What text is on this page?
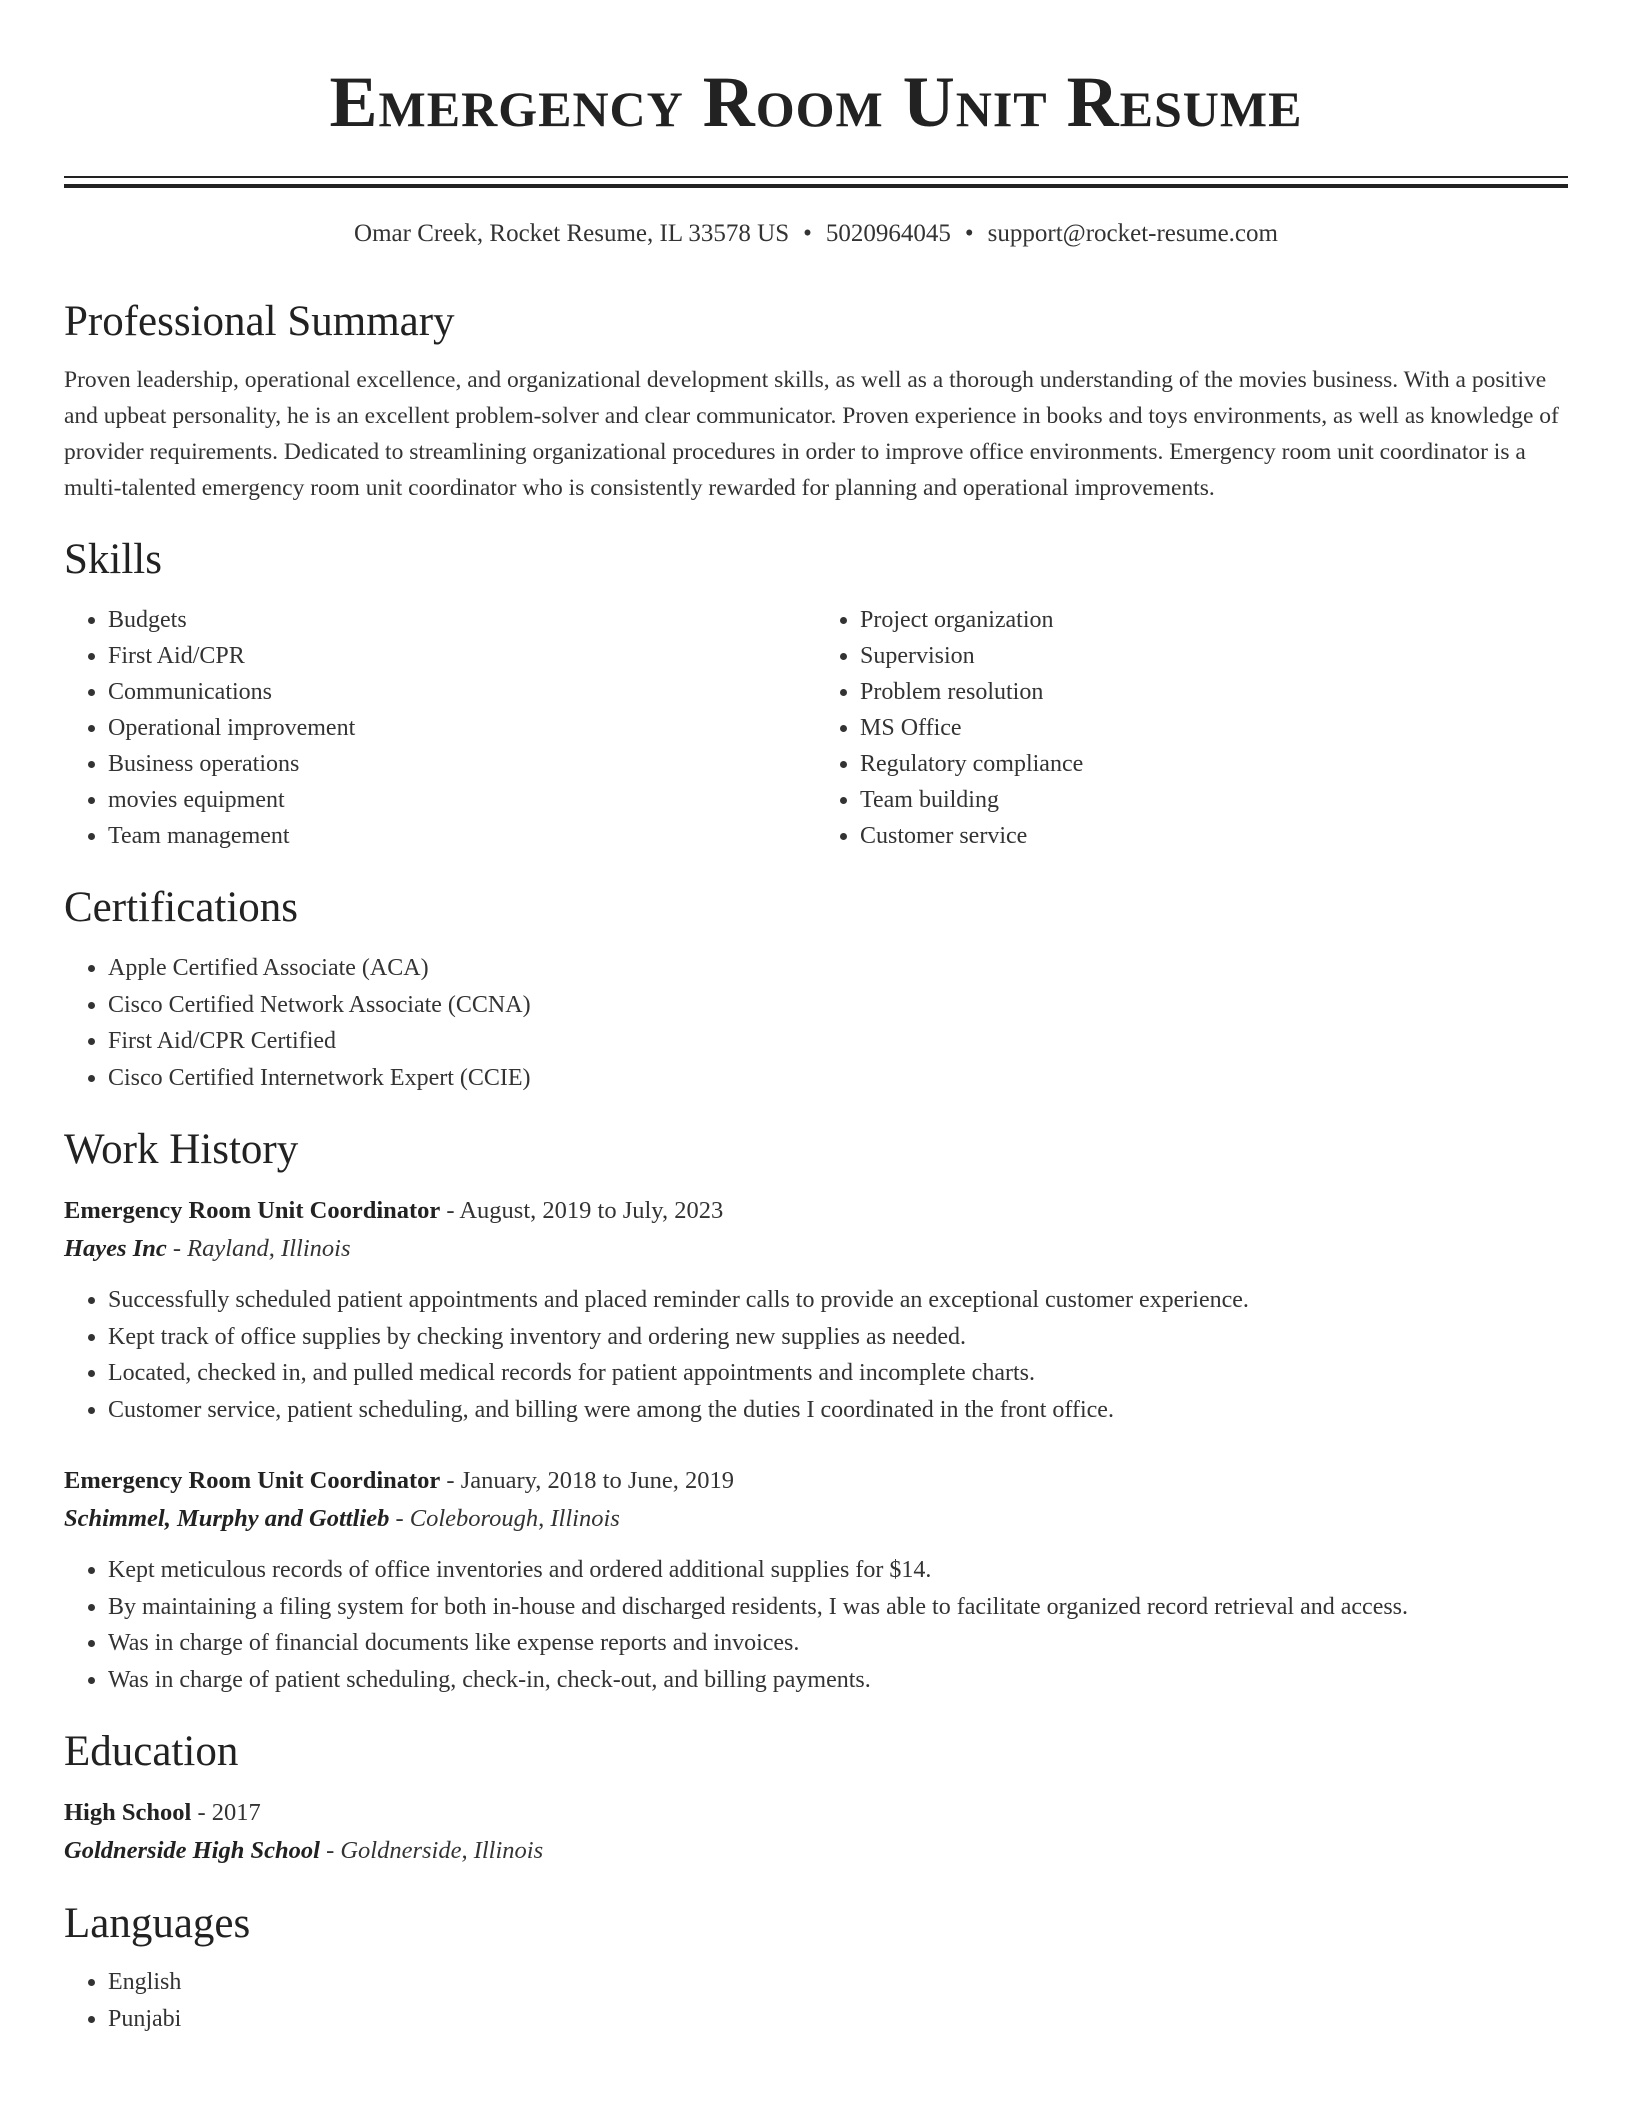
Emergency Room Unit Resume
Omar Creek, Rocket Resume, IL 33578 US • 5020964045 • support@rocket-resume.com
Professional Summary

Proven leadership, operational excellence, and organizational development skills, as well as a thorough understanding of the movies business. With a positive and upbeat personality, he is an excellent problem-solver and clear communicator. Proven experience in books and toys environments, as well as knowledge of provider requirements. Dedicated to streamlining organizational procedures in order to improve office environments. Emergency room unit coordinator is a multi-talented emergency room unit coordinator who is consistently rewarded for planning and operational improvements.

Skills
• Budgets
• First Aid/CPR
• Communications
• Operational improvement
• Business operations
• movies equipment
• Team management
• Project organization
• Supervision
• Problem resolution
• MS Office
• Regulatory compliance
• Team building
• Customer service
Certifications
• Apple Certified Associate (ACA)
• Cisco Certified Network Associate (CCNA)
• First Aid/CPR Certified
• Cisco Certified Internetwork Expert (CCIE)
Work History
Emergency Room Unit Coordinator - August, 2019 to July, 2023
Hayes Inc - Rayland, Illinois
• Successfully scheduled patient appointments and placed reminder calls to provide an exceptional customer experience.
• Kept track of office supplies by checking inventory and ordering new supplies as needed.
• Located, checked in, and pulled medical records for patient appointments and incomplete charts.
• Customer service, patient scheduling, and billing were among the duties I coordinated in the front office.
Emergency Room Unit Coordinator - January, 2018 to June, 2019
Schimmel, Murphy and Gottlieb - Coleborough, Illinois
• Kept meticulous records of office inventories and ordered additional supplies for $14.
• By maintaining a filing system for both in-house and discharged residents, I was able to facilitate organized record retrieval and access.
• Was in charge of financial documents like expense reports and invoices.
• Was in charge of patient scheduling, check-in, check-out, and billing payments.
Education
High School - 2017
Goldnerside High School - Goldnerside, Illinois
Languages
• English
• Punjabi
